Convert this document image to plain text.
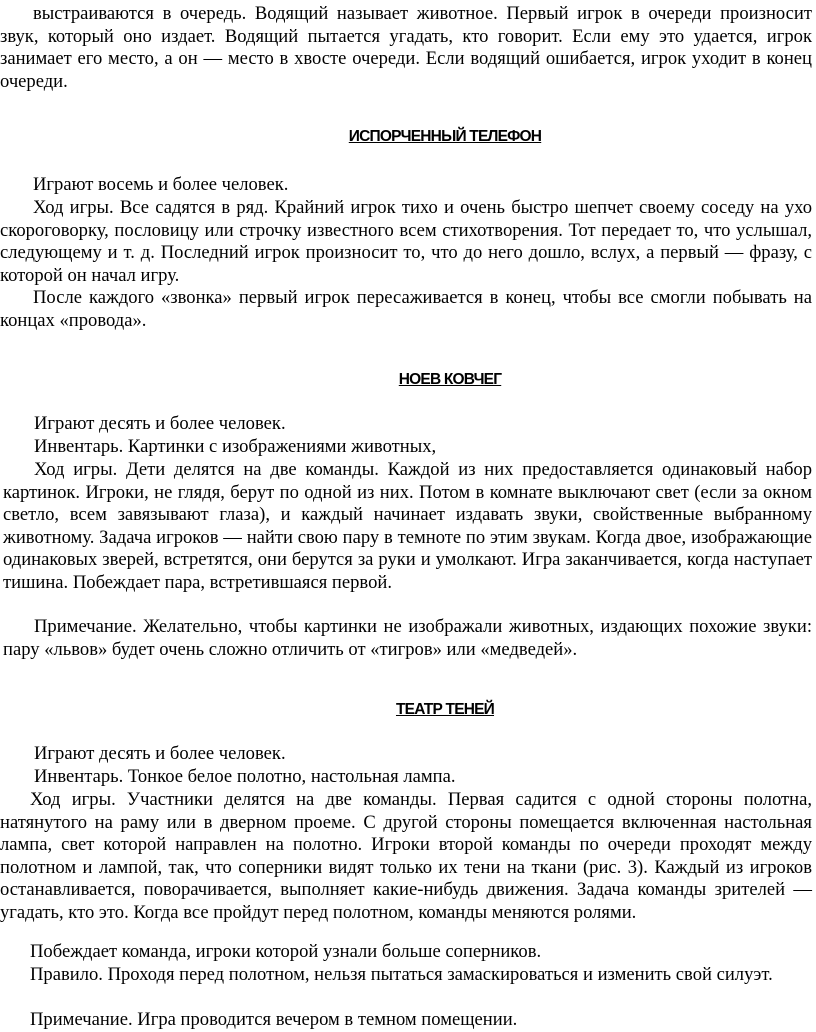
выстраиваются в очередь. Водящий называет животное. Первый игрок в очереди произносит звук, который оно издает. Водящий пытается угадать, кто говорит. Если ему это удается, игрок занимает его место, а он — место в хвосте очереди. Если водящий ошибается, игрок уходит в конец очереди.

ИСПОРЧЕННЫЙ ТЕЛЕФОН

Играют восемь и более человек.

Ход игры. Все садятся в ряд. Крайний игрок тихо и очень быстро шепчет своему соседу на ухо скороговорку, пословицу или строчку известного всем стихотворения. Тот передает то, что услышал, следующему и т. д. Последний игрок произносит то, что до него дошло, вслух, а первый — фразу, с которой он начал игру.

После каждого «звонка» первый игрок пересаживается в конец, чтобы все смогли побывать на концах «провода».

НОЕВ КОВЧЕГ

Играют десять и более человек.

Инвентарь. Картинки с изображениями животных,

Ход игры. Дети делятся на две команды. Каждой из них предоставляется одинаковый набор картинок. Игроки, не глядя, берут по одной из них. Потом в комнате выключают свет (если за окном светло, всем завязывают глаза), и каждый начинает издавать звуки, свойственные выбранному животному. Задача игроков — найти свою пару в темноте по этим звукам. Когда двое, изображающие одинаковых зверей, встретятся, они берутся за руки и умолкают. Игра заканчивается, когда наступает тишина. Побеждает пара, встретившаяся первой.

Примечание. Желательно, чтобы картинки не изображали животных, издающих похожие звуки: пару «львов» будет очень сложно отличить от «тигров» или «медведей».

ТЕАТР ТЕНЕЙ

Играют десять и более человек.

Инвентарь. Тонкое белое полотно, настольная лампа.

Ход игры. Участники делятся на две команды. Первая садится с одной стороны полотна, натянутого на раму или в дверном проеме. С другой стороны помещается включенная настольная лампа, свет которой направлен на полотно. Игроки второй команды по очереди проходят между полотном и лампой, так, что соперники видят только их тени на ткани (рис. 3). Каждый из игроков останавливается, поворачивается, выполняет какие-нибудь движения. Задача команды зрителей — угадать, кто это. Когда все пройдут перед полотном, команды меняются ролями.

Побеждает команда, игроки которой узнали больше соперников.

Правило. Проходя перед полотном, нельзя пытаться замаскироваться и изменить свой силуэт.

Примечание. Игра проводится вечером в темном помещении.
